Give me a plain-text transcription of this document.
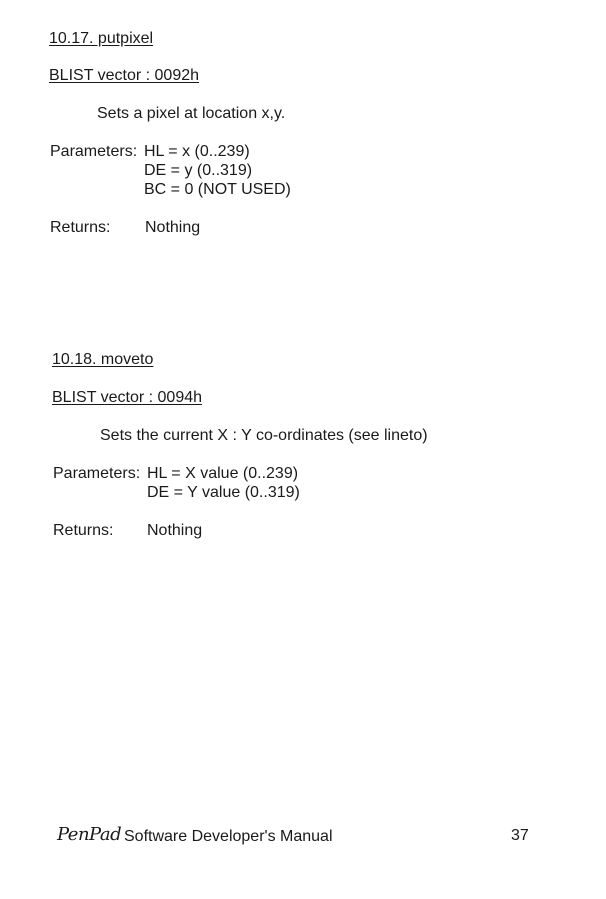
10.17. putpixel
BLIST vector : 0092h
Sets a pixel at location x,y.
Parameters: HL = x (0..239)
DE = y (0..319)
BC = 0 (NOT USED)
Returns: Nothing
10.18. moveto
BLIST vector : 0094h
Sets the current X : Y co-ordinates (see lineto)
Parameters: HL = X value (0..239)
DE = Y value (0..319)
Returns: Nothing
PenPad Software Developer's Manual	37
